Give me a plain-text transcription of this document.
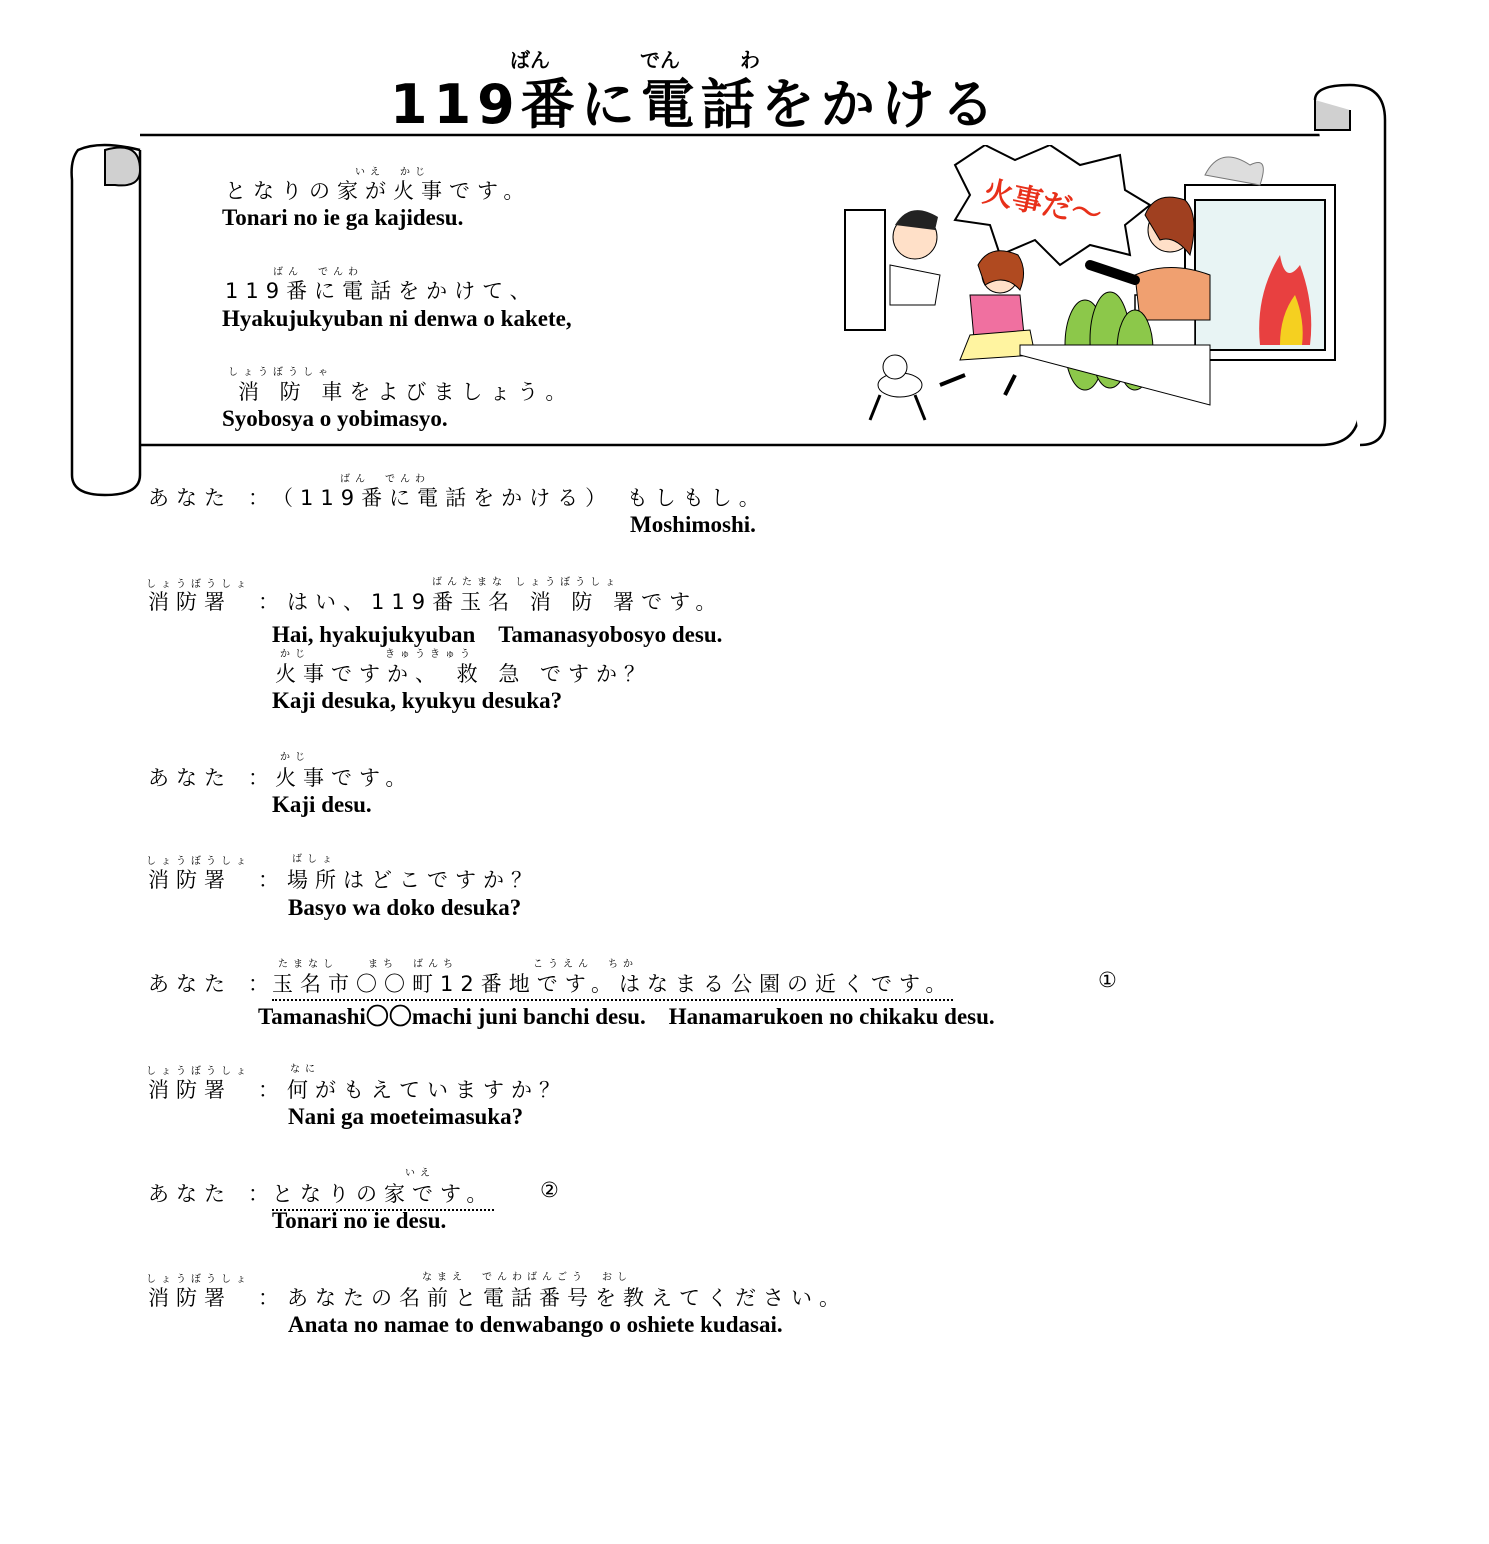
119番に電話をかける
ばん	でん	わ
いえ　かじ
となりの家が火事です。
Tonari no ie ga kajidesu.
ばん　でんわ
119番に電話をかけて、
Hyakujukyuban ni denwa o kakete,
しょうぼうしゃ
消 防 車をよびましょう。
Syobosya o yobimasyo.
火事だ～
あなた ：
ばん　でんわ
（119番に電話をかける） もしもし。
Moshimoshi.
しょうぼうしょ
消防署 ：
ばんたまな しょうぼうしょ
はい、119番玉名 消 防 署です。
Hai, hyakujukyuban　Tamanasyobosyo desu.
かじ　　　　　きゅうきゅう
火事ですか、 救 急 ですか？
Kaji desuka, kyukyu desuka?
あなた ：
かじ
火事です。
Kaji desu.
しょうぼうしょ
消防署 ：
ばしょ
場所はどこですか？
Basyo wa doko desuka?
あなた ：
たまなし　　まち　ばんち　　　　　こうえん　ちか
玉名市〇〇町12番地です。はなまる公園の近くです。	①
Tamanashi〇〇machi juni banchi desu.　Hanamarukoen no chikaku desu.
しょうぼうしょ
消防署 ：
なに
何がもえていますか？
Nani ga moeteimasuka?
あなた ：
いえ
となりの家です。 ②
Tonari no ie desu.
しょうぼうしょ
消防署 ：
なまえ　でんわばんごう　おし
あなたの名前と電話番号を教えてください。
Anata no namae to denwabango o oshiete kudasai.
